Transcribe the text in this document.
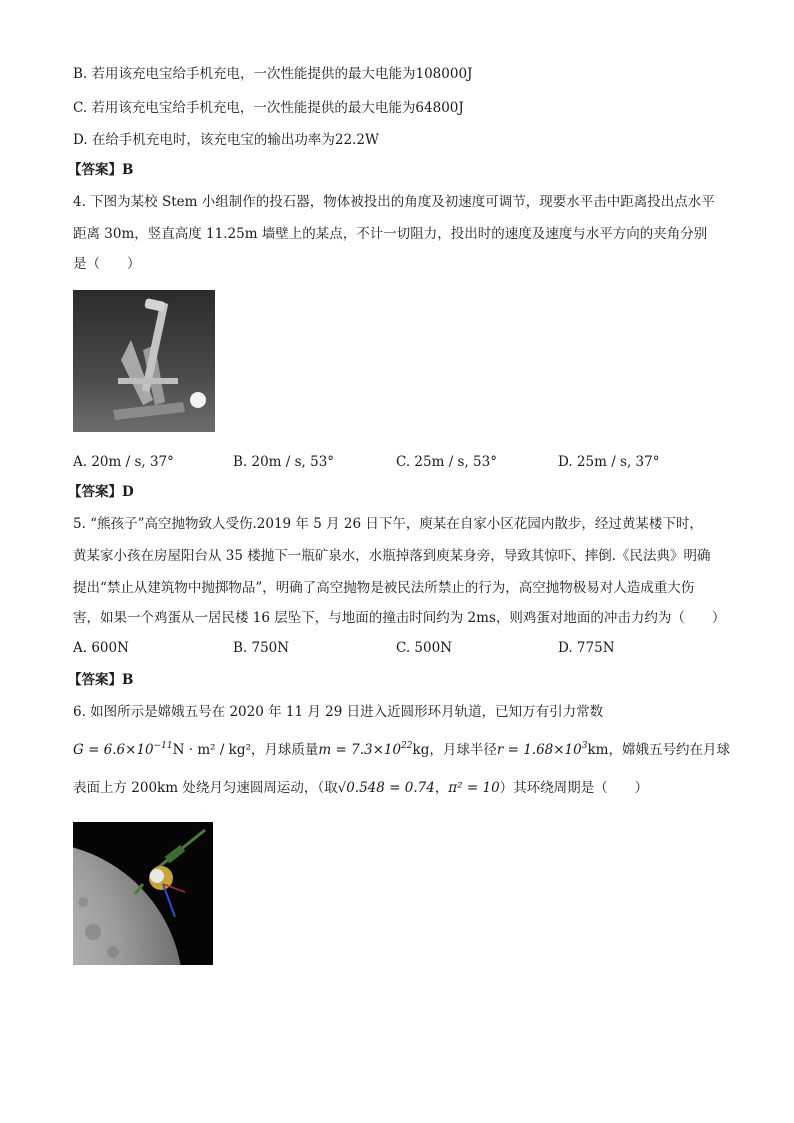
B. 若用该充电宝给手机充电，一次性能提供的最大电能为108000J
C. 若用该充电宝给手机充电，一次性能提供的最大电能为64800J
D. 在给手机充电时，该充电宝的输出功率为22.2W
【答案】B
4. 下图为某校 Stem 小组制作的投石器，物体被投出的角度及初速度可调节，现要水平击中距离投出点水平
距离 30m，竖直高度 11.25m 墙壁上的某点，不计一切阻力，投出时的速度及速度与水平方向的夹角分别
是（　　）
A. 20m / s, 37°	B. 20m / s, 53°	C. 25m / s, 53°	D. 25m / s, 37°
【答案】D
5. “熊孩子”高空抛物致人受伤.2019 年 5 月 26 日下午，庾某在自家小区花园内散步，经过黄某楼下时，
黄某家小孩在房屋阳台从 35 楼抛下一瓶矿泉水，水瓶掉落到庾某身旁，导致其惊吓、摔倒.《民法典》明确
提出“禁止从建筑物中抛掷物品”，明确了高空抛物是被民法所禁止的行为，高空抛物极易对人造成重大伤
害，如果一个鸡蛋从一居民楼 16 层坠下，与地面的撞击时间约为 2ms，则鸡蛋对地面的冲击力约为（　　）
A. 600N	B. 750N	C. 500N	D. 775N
【答案】B
6. 如图所示是嫦娥五号在 2020 年 11 月 29 日进入近圆形环月轨道，已知万有引力常数
$G = 6.6\times 10^{-11}N \cdot m^2 / kg^2$，月球质量$m = 7.3\times 10^{22}kg$，月球半径$r = 1.68\times 10^3km$，嫦娥五号约在月球
表面上方 200km 处绕月匀速圆周运动，（取√0.548 = 0.74，π² = 10）其环绕周期是（　　）
